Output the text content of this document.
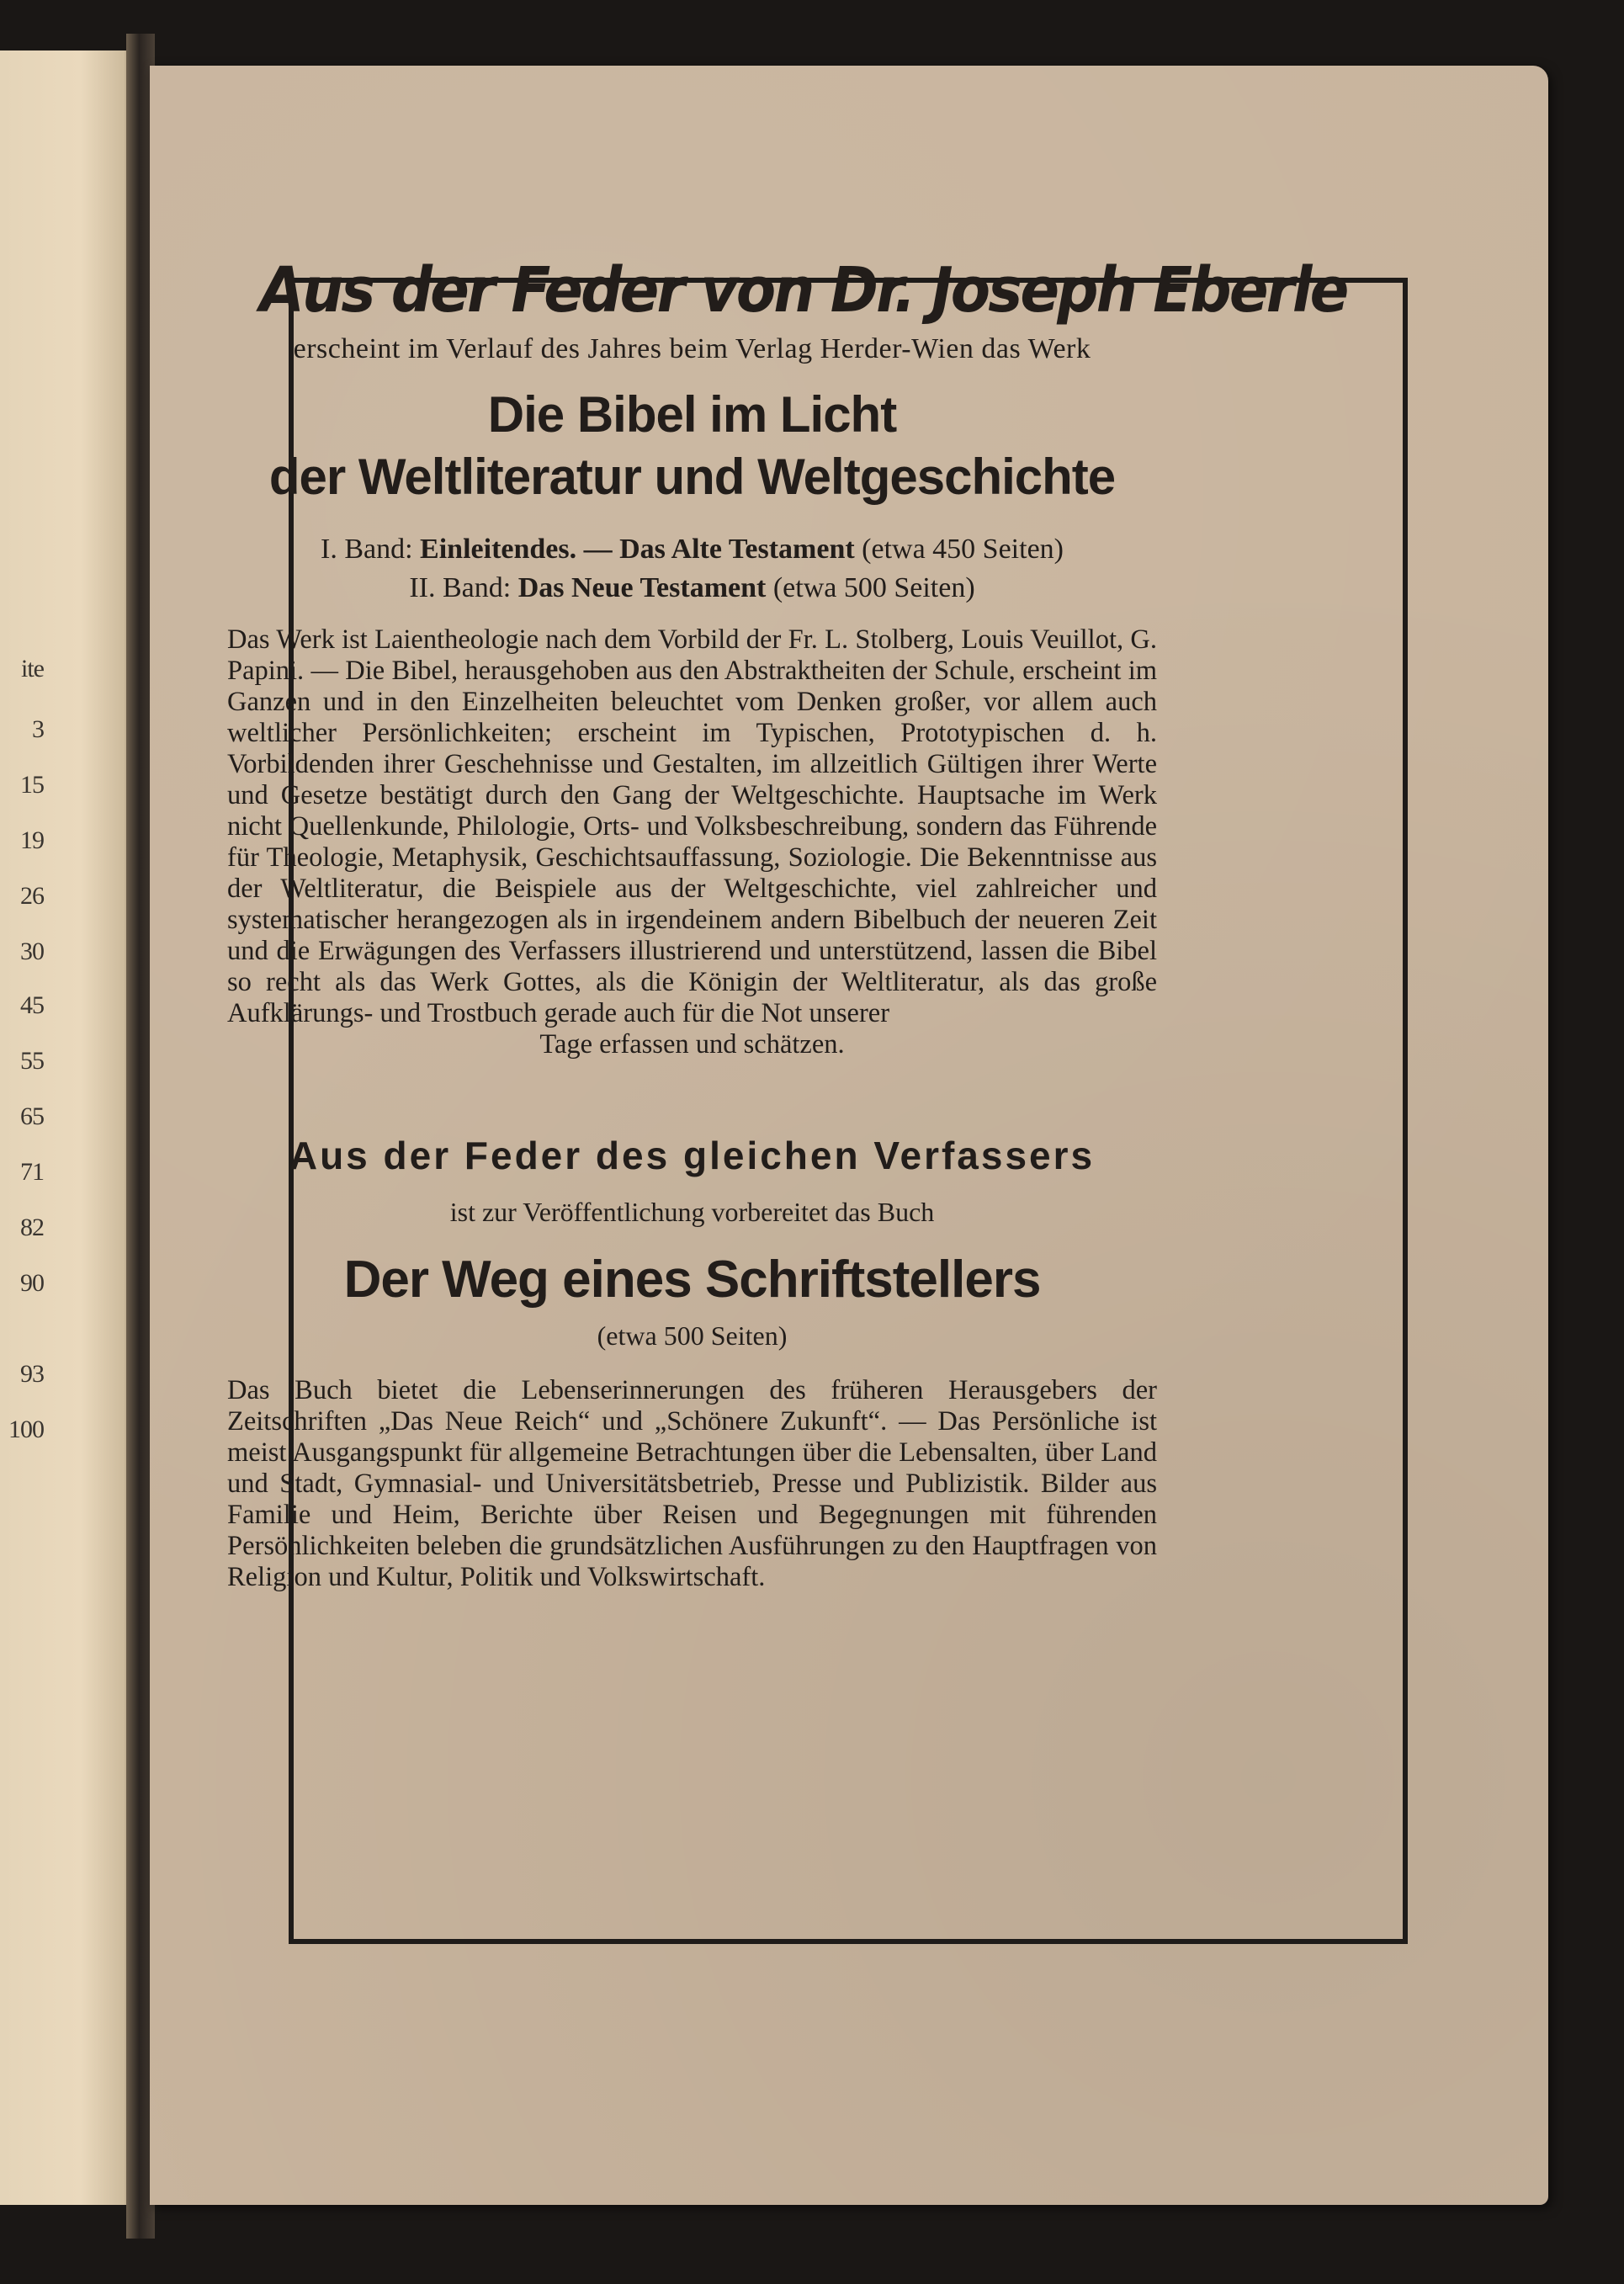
ite
3
15
19
26
30
45
55
65
71
82
90
93
100
Aus der Feder von Dr. Joseph Eberle

erscheint im Verlauf des Jahres beim Verlag Herder-Wien das Werk

Die Bibel im Licht
der Weltliteratur und Weltgeschichte

I. Band: Einleitendes. — Das Alte Testament (etwa 450 Seiten)

II. Band: Das Neue Testament (etwa 500 Seiten)

Das Werk ist Laientheologie nach dem Vorbild der Fr. L. Stolberg, Louis Veuillot, G. Papini. — Die Bibel, herausgehoben aus den Abstraktheiten der Schule, erscheint im Ganzen und in den Einzelheiten beleuchtet vom Denken großer, vor allem auch weltlicher Persönlichkeiten; erscheint im Typischen, Prototypischen d. h. Vorbildenden ihrer Geschehnisse und Gestalten, im allzeitlich Gültigen ihrer Werte und Gesetze bestätigt durch den Gang der Weltgeschichte. Hauptsache im Werk nicht Quellenkunde, Philologie, Orts- und Volksbeschreibung, sondern das Führende für Theologie, Metaphysik, Geschichtsauffassung, Soziologie. Die Bekenntnisse aus der Weltliteratur, die Beispiele aus der Weltgeschichte, viel zahlreicher und systematischer herangezogen als in irgendeinem andern Bibelbuch der neueren Zeit und die Erwägungen des Verfassers illustrierend und unterstützend, lassen die Bibel so recht als das Werk Gottes, als die Königin der Weltliteratur, als das große Aufklärungs- und Trostbuch gerade auch für die Not unserer

Tage erfassen und schätzen.

Aus der Feder des gleichen Verfassers

ist zur Veröffentlichung vorbereitet das Buch

Der Weg eines Schriftstellers

(etwa 500 Seiten)

Das Buch bietet die Lebenserinnerungen des früheren Herausgebers der Zeitschriften „Das Neue Reich“ und „Schönere Zukunft“. — Das Persönliche ist meist Ausgangspunkt für allgemeine Betrachtungen über die Lebensalten, über Land und Stadt, Gymnasial- und Universitätsbetrieb, Presse und Publizistik. Bilder aus Familie und Heim, Berichte über Reisen und Begegnungen mit führenden Persönlichkeiten beleben die grundsätzlichen Ausführungen zu den Hauptfragen von Religion und Kultur, Politik und Volkswirtschaft.
